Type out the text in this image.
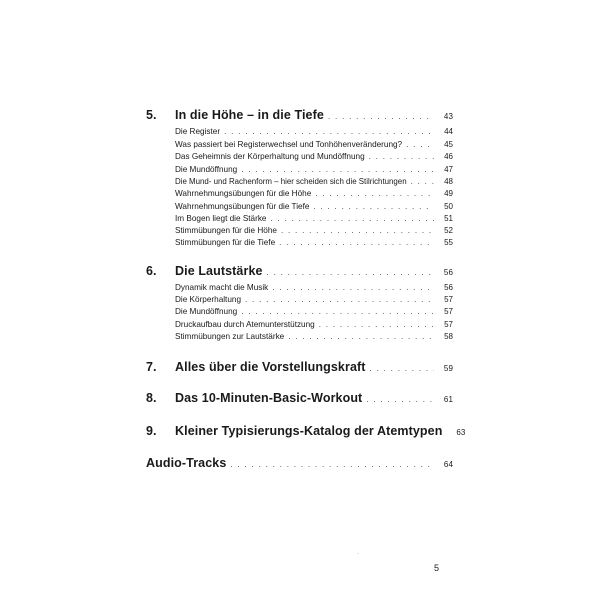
5. In die Höhe – in die Tiefe . . .	43
Die Register . . .	44
Was passiert bei Registerwechsel und Tonhöhenveränderung? . . .	45
Das Geheimnis der Körperhaltung und Mundöffnung . . .	46
Die Mundöffnung . . .	47
Die Mund- und Rachenform – hier scheiden sich die Stilrichtungen . . .	48
Wahrnehmungsübungen für die Höhe . . .	49
Wahrnehmungsübungen für die Tiefe . . .	50
Im Bogen liegt die Stärke . . .	51
Stimmübungen für die Höhe . . .	52
Stimmübungen für die Tiefe . . .	55
6. Die Lautstärke . . .	56
Dynamik macht die Musik . . .	56
Die Körperhaltung . . .	57
Die Mundöffnung . . .	57
Druckaufbau durch Atemunterstützung . . .	57
Stimmübungen zur Lautstärke . . .	58
7. Alles über die Vorstellungskraft . . .	59
8. Das 10-Minuten-Basic-Workout . . .	61
9. Kleiner Typisierungs-Katalog der Atemtypen	63
Audio-Tracks . . .	64
·
5
